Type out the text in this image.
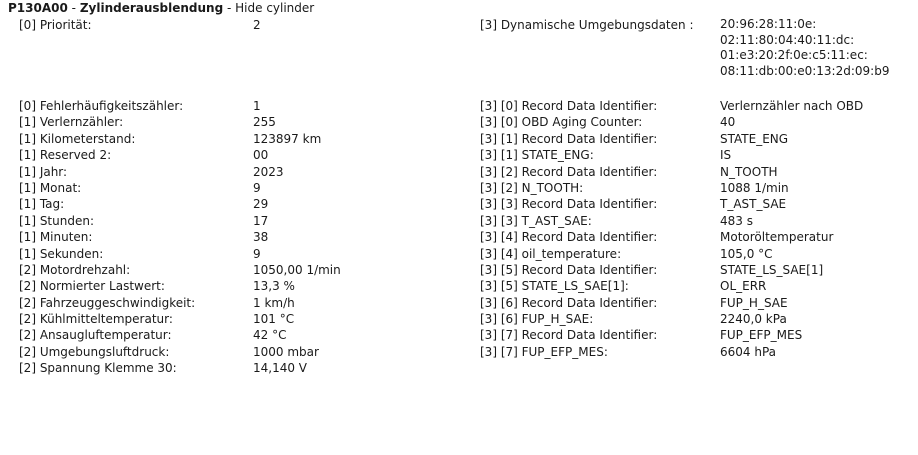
P130A00 - Zylinderausblendung - Hide cylinder
[0] Priorität:	2
[0] Fehlerhäufigkeitszähler:	1
[1] Verlernzähler:	255
[1] Kilometerstand:	123897 km
[1] Reserved 2:	00
[1] Jahr:	2023
[1] Monat:	9
[1] Tag:	29
[1] Stunden:	17
[1] Minuten:	38
[1] Sekunden:	9
[2] Motordrehzahl:	1050,00 1/min
[2] Normierter Lastwert:	13,3 %
[2] Fahrzeuggeschwindigkeit:	1 km/h
[2] Kühlmitteltemperatur:	101 °C
[2] Ansaugluftemperatur:	42 °C
[2] Umgebungsluftdruck:	1000 mbar
[2] Spannung Klemme 30:	14,140 V
[3] Dynamische Umgebungsdaten :	20:96:28:11:0e: 02:11:80:04:40:11:dc: 01:e3:20:2f:0e:c5:11:ec: 08:11:db:00:e0:13:2d:09:b9
[3] [0] Record Data Identifier:	Verlernzähler nach OBD
[3] [0] OBD Aging Counter:	40
[3] [1] Record Data Identifier:	STATE_ENG
[3] [1] STATE_ENG:	IS
[3] [2] Record Data Identifier:	N_TOOTH
[3] [2] N_TOOTH:	1088 1/min
[3] [3] Record Data Identifier:	T_AST_SAE
[3] [3] T_AST_SAE:	483 s
[3] [4] Record Data Identifier:	Motoröltemperatur
[3] [4] oil_temperature:	105,0 °C
[3] [5] Record Data Identifier:	STATE_LS_SAE[1]
[3] [5] STATE_LS_SAE[1]:	OL_ERR
[3] [6] Record Data Identifier:	FUP_H_SAE
[3] [6] FUP_H_SAE:	2240,0 kPa
[3] [7] Record Data Identifier:	FUP_EFP_MES
[3] [7] FUP_EFP_MES:	6604 hPa
